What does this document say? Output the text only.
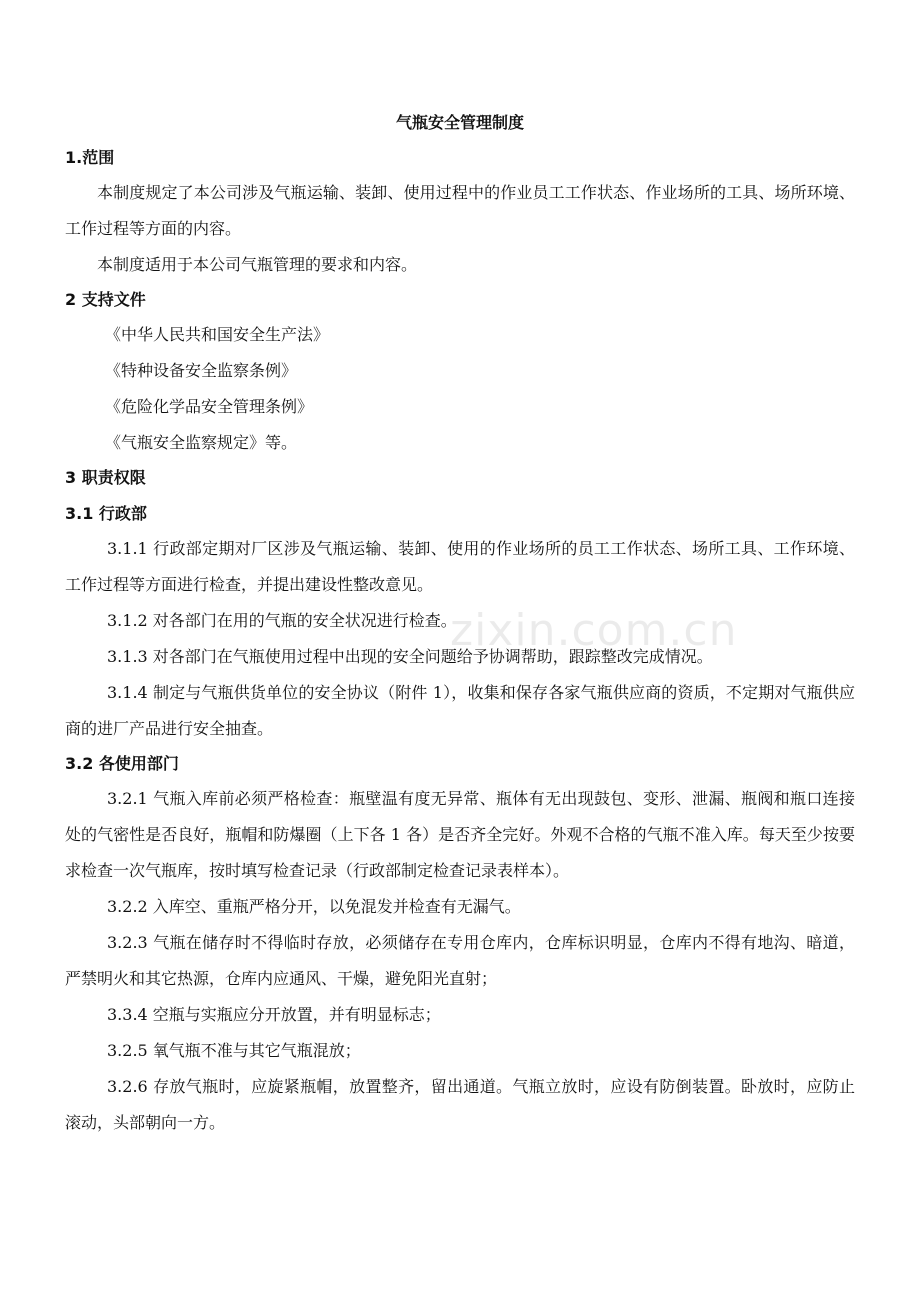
气瓶安全管理制度
1.范围

本制度规定了本公司涉及气瓶运输、装卸、使用过程中的作业员工工作状态、作业场所的工具、场所环境、工作过程等方面的内容。

本制度适用于本公司气瓶管理的要求和内容。

2 支持文件

《中华人民共和国安全生产法》

《特种设备安全监察条例》

《危险化学品安全管理条例》

《气瓶安全监察规定》等。

3 职责权限
3.1 行政部

3.1.1 行政部定期对厂区涉及气瓶运输、装卸、使用的作业场所的员工工作状态、场所工具、工作环境、工作过程等方面进行检查，并提出建设性整改意见。

3.1.2 对各部门在用的气瓶的安全状况进行检查。

3.1.3 对各部门在气瓶使用过程中出现的安全问题给予协调帮助，跟踪整改完成情况。

3.1.4 制定与气瓶供货单位的安全协议（附件 1），收集和保存各家气瓶供应商的资质，不定期对气瓶供应商的进厂产品进行安全抽查。

3.2 各使用部门

3.2.1 气瓶入库前必须严格检查：瓶壁温有度无异常、瓶体有无出现鼓包、变形、泄漏、瓶阀和瓶口连接处的气密性是否良好，瓶帽和防爆圈（上下各 1 各）是否齐全完好。外观不合格的气瓶不准入库。每天至少按要求检查一次气瓶库，按时填写检查记录（行政部制定检查记录表样本）。

3.2.2 入库空、重瓶严格分开，以免混发并检查有无漏气。

3.2.3 气瓶在储存时不得临时存放，必须储存在专用仓库内，仓库标识明显，仓库内不得有地沟、暗道，严禁明火和其它热源，仓库内应通风、干燥，避免阳光直射；

3.3.4 空瓶与实瓶应分开放置，并有明显标志；

3.2.5 氧气瓶不准与其它气瓶混放；

3.2.6 存放气瓶时，应旋紧瓶帽，放置整齐，留出通道。气瓶立放时，应设有防倒装置。卧放时，应防止滚动，头部朝向一方。

zixin.com.cn
